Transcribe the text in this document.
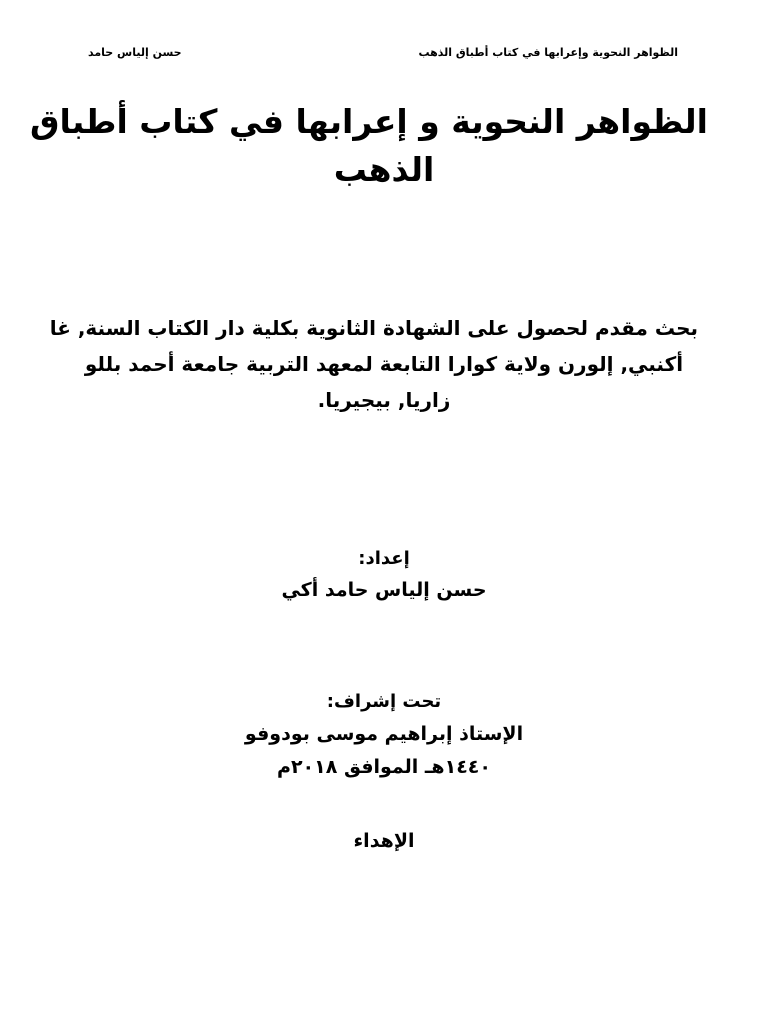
الظواهر النحوية وإعرابها في كتاب أطباق الذهب
حسن إلياس حامد
الظواهر النحوية و إعرابها في كتاب أطباق
الذهب

بحث مقدم لحصول على الشهادة الثانوية بكلية دار الكتاب السنة, غا
أكنبي, إلورن ولاية كوارا التابعة لمعهد التربية جامعة أحمد بللو
زاريا, بيجيريا.

إعداد:

حسن إلياس حامد أكي

تحت إشراف:

الإستاذ إبراهيم موسى بودوفو

١٤٤٠هـ الموافق ٢٠١٨م

الإهداء
